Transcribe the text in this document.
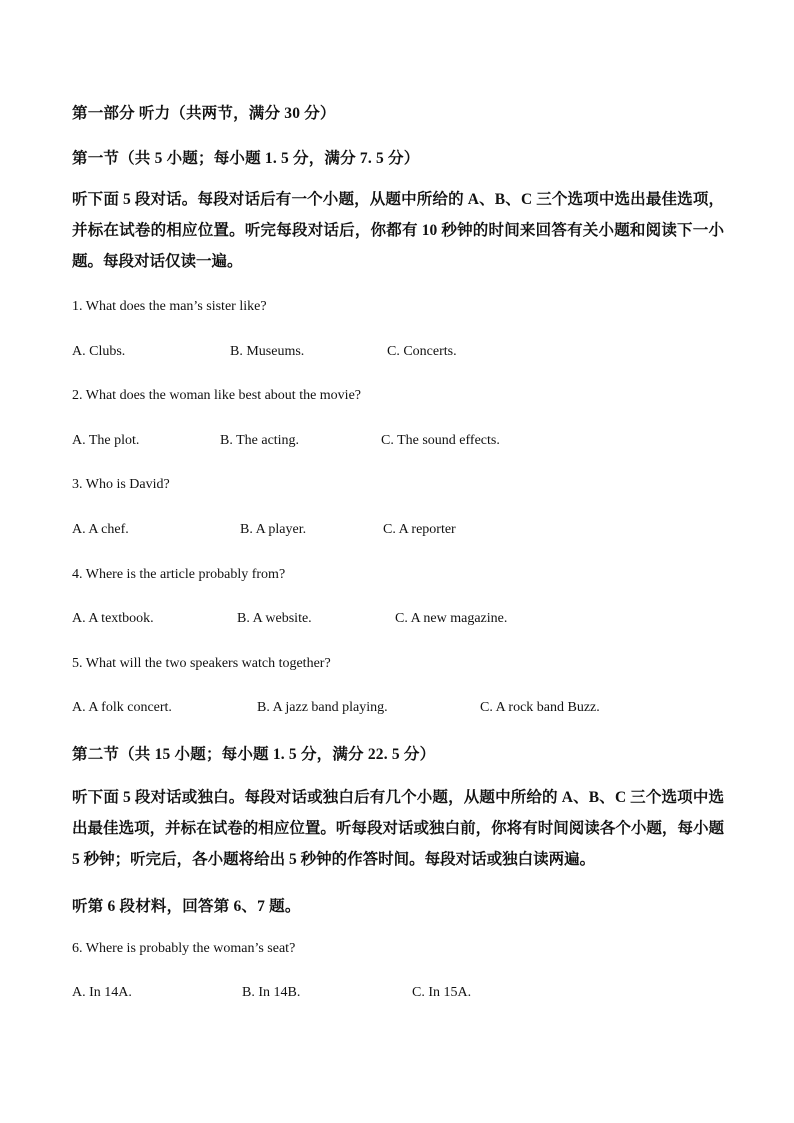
第一部分 听力（共两节，满分 30 分）
第一节（共 5 小题；每小题 1. 5 分，满分 7. 5 分）
听下面 5 段对话。每段对话后有一个小题，从题中所给的 A、B、C 三个选项中选出最佳选项，并标在试卷的相应位置。听完每段对话后，你都有 10 秒钟的时间来回答有关小题和阅读下一小题。每段对话仅读一遍。
1. What does the man’s sister like?
A. Clubs.	B. Museums.	C. Concerts.
2. What does the woman like best about the movie?
A. The plot.	B. The acting.	C. The sound effects.
3. Who is David?
A. A chef.	B. A player.	C. A reporter
4. Where is the article probably from?
A. A textbook.	B. A website.	C. A new magazine.
5. What will the two speakers watch together?
A. A folk concert.	B. A jazz band playing.	C. A rock band Buzz.
第二节（共 15 小题；每小题 1. 5 分，满分 22. 5 分）
听下面 5 段对话或独白。每段对话或独白后有几个小题，从题中所给的 A、B、C 三个选项中选出最佳选项，并标在试卷的相应位置。听每段对话或独白前，你将有时间阅读各个小题，每小题 5 秒钟；听完后，各小题将给出 5 秒钟的作答时间。每段对话或独白读两遍。
听第 6 段材料，回答第 6、7 题。
6. Where is probably the woman’s seat?
A. In 14A.	B. In 14B.	C. In 15A.
